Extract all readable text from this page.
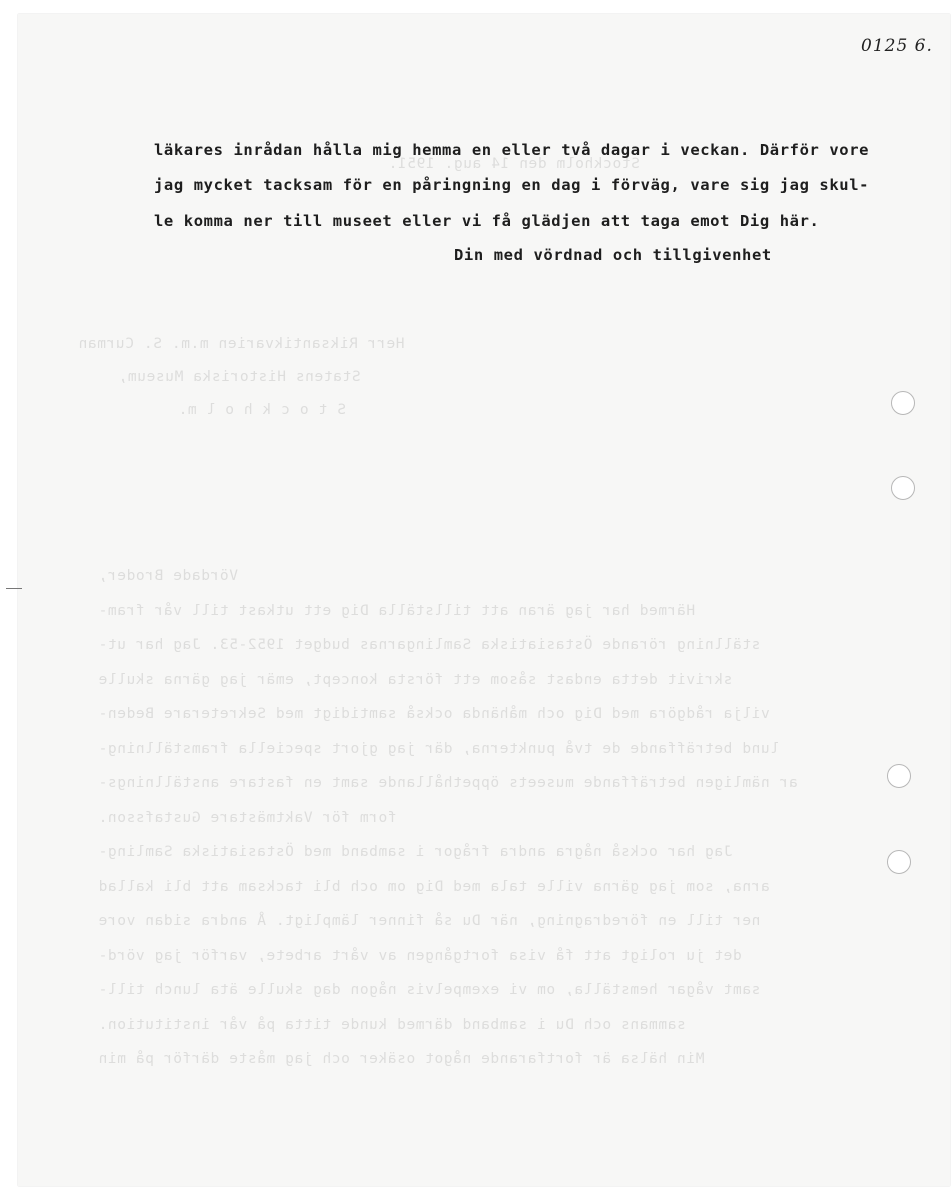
Stockholm den 14 aug. 1951.
Herr Riksantikvarien m.m. S. Curman
Statens Historiska Museum,
S t o c k h o l m.
Vördade Broder,
Härmed har jag äran att tillställa Dig ett utkast till vår fram-
ställning rörande Östasiatiska Samlingarnas budget 1952-53. Jag har ut-
skrivit detta endast såsom ett första koncept, emär jag gärna skulle
vilja rådgöra med Dig och måhända också samtidigt med Sekreterare Beden-
lund beträffande de två punkterna, där jag gjort speciella framställning-
ar nämligen beträffande museets öppethållande samt en fastare anställnings-
form för Vaktmästare Gustafsson.
Jag har också några andra frågor i samband med Östasiatiska Samling-
arna, som jag gärna ville tala med Dig om och bli tacksam att bli kallad
ner till en föredragning, när Du så finner lämpligt. Å andra sidan vore
det ju roligt att få visa fortgången av vårt arbete, varför jag vörd-
samt vågar hemställa, om vi exempelvis någon dag skulle äta lunch till-
sammans och Du i samband därmed kunde titta på vår institution.
Min hälsa är fortfarande något osäker och jag måste därför på min
0125 6.
läkares inrådan hålla mig hemma en eller två dagar i veckan. Därför vore
jag mycket tacksam för en påringning en dag i förväg, vare sig jag skul-
le komma ner till museet eller vi få glädjen att taga emot Dig här.
Din med vördnad och tillgivenhet
